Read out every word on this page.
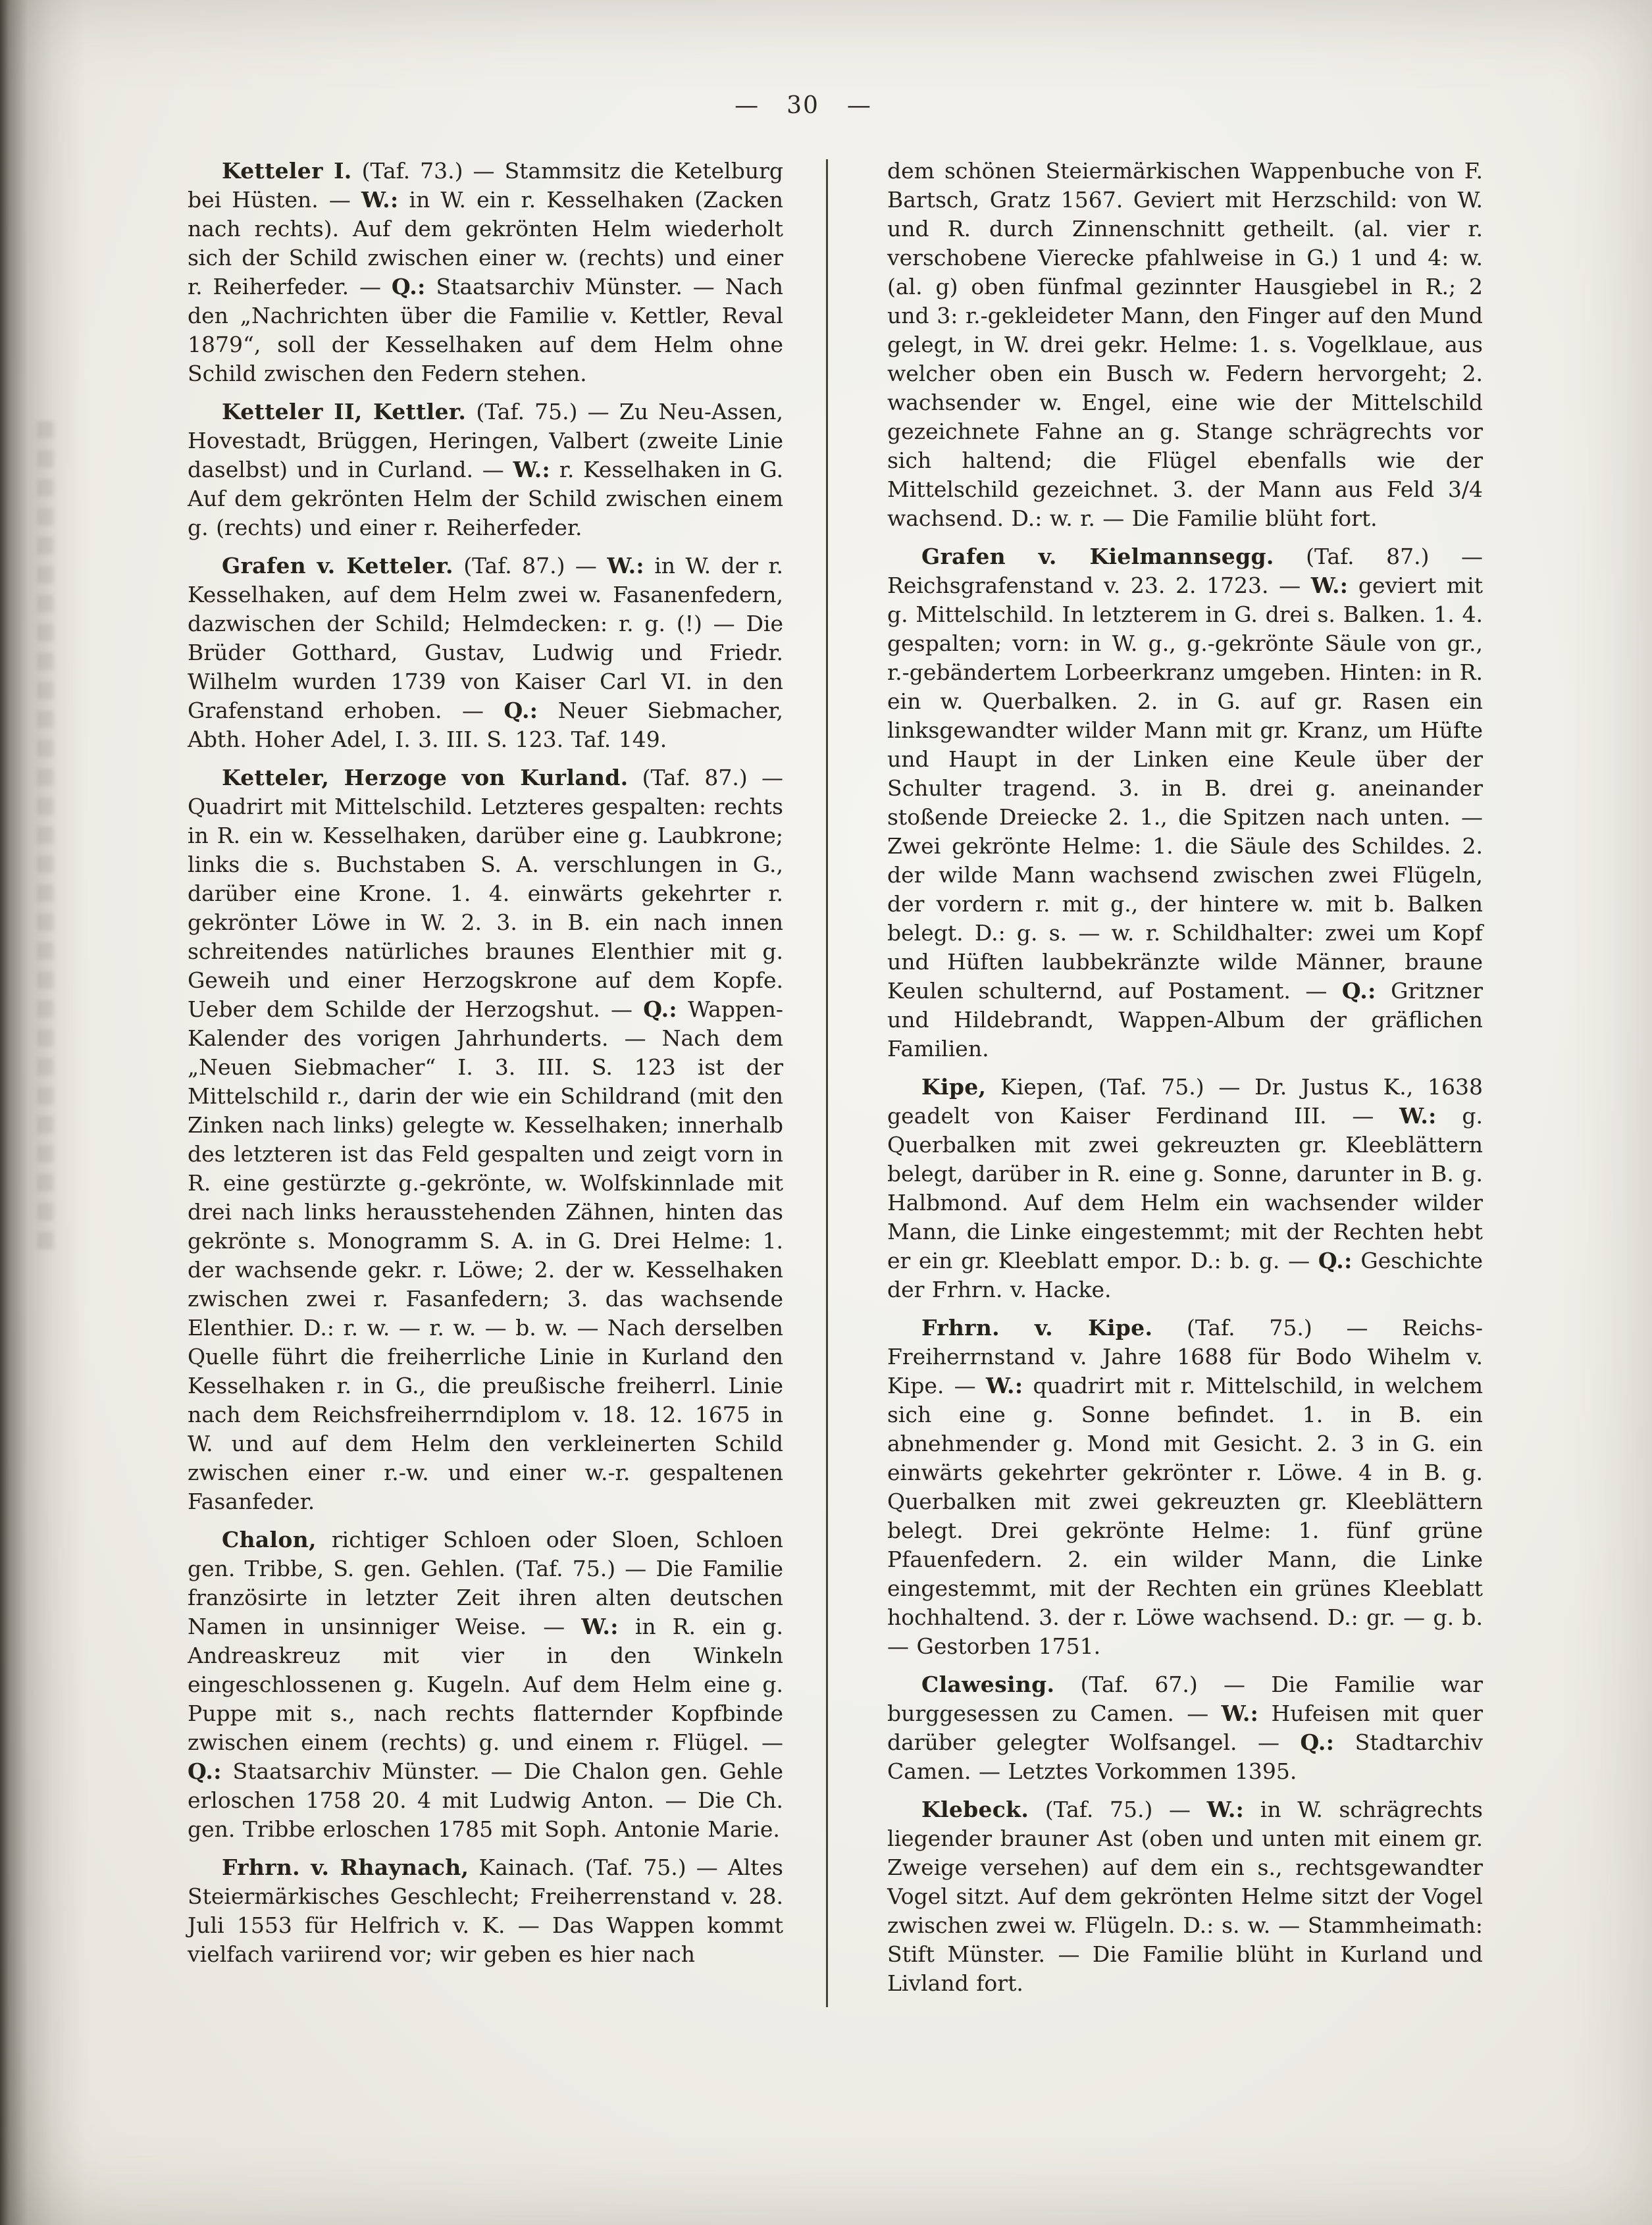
— 30 —

Ketteler I. (Taf. 73.) — Stammsitz die Ketelburg bei Hüsten. — W.: in W. ein r. Kesselhaken (Zacken nach rechts). Auf dem gekrönten Helm wiederholt sich der Schild zwischen einer w. (rechts) und einer r. Reiherfeder. — Q.: Staatsarchiv Münster. — Nach den „Nachrichten über die Familie v. Kettler, Reval 1879“, soll der Kesselhaken auf dem Helm ohne Schild zwischen den Federn stehen.

Ketteler II, Kettler. (Taf. 75.) — Zu Neu-Assen, Hovestadt, Brüggen, Heringen, Valbert (zweite Linie daselbst) und in Curland. — W.: r. Kesselhaken in G. Auf dem gekrönten Helm der Schild zwischen einem g. (rechts) und einer r. Reiherfeder.

Grafen v. Ketteler. (Taf. 87.) — W.: in W. der r. Kesselhaken, auf dem Helm zwei w. Fasanenfedern, dazwischen der Schild; Helmdecken: r. g. (!) — Die Brüder Gotthard, Gustav, Ludwig und Friedr. Wilhelm wurden 1739 von Kaiser Carl VI. in den Grafenstand erhoben. — Q.: Neuer Siebmacher, Abth. Hoher Adel, I. 3. III. S. 123. Taf. 149.

Ketteler, Herzoge von Kurland. (Taf. 87.) — Quadrirt mit Mittelschild. Letzteres gespalten: rechts in R. ein w. Kesselhaken, darüber eine g. Laubkrone; links die s. Buchstaben S. A. verschlungen in G., darüber eine Krone. 1. 4. einwärts gekehrter r. gekrönter Löwe in W. 2. 3. in B. ein nach innen schreitendes natürliches braunes Elenthier mit g. Geweih und einer Herzogskrone auf dem Kopfe. Ueber dem Schilde der Herzogshut. — Q.: Wappen-Kalender des vorigen Jahrhunderts. — Nach dem „Neuen Siebmacher“ I. 3. III. S. 123 ist der Mittelschild r., darin der wie ein Schildrand (mit den Zinken nach links) gelegte w. Kesselhaken; innerhalb des letzteren ist das Feld gespalten und zeigt vorn in R. eine gestürzte g.-gekrönte, w. Wolfskinnlade mit drei nach links herausstehenden Zähnen, hinten das gekrönte s. Monogramm S. A. in G. Drei Helme: 1. der wachsende gekr. r. Löwe; 2. der w. Kesselhaken zwischen zwei r. Fasanfedern; 3. das wachsende Elenthier. D.: r. w. — r. w. — b. w. — Nach derselben Quelle führt die freiherrliche Linie in Kurland den Kesselhaken r. in G., die preußische freiherrl. Linie nach dem Reichsfreiherrndiplom v. 18. 12. 1675 in W. und auf dem Helm den verkleinerten Schild zwischen einer r.-w. und einer w.-r. gespaltenen Fasanfeder.

Chalon, richtiger Schloen oder Sloen, Schloen gen. Tribbe, S. gen. Gehlen. (Taf. 75.) — Die Familie französirte in letzter Zeit ihren alten deutschen Namen in unsinniger Weise. — W.: in R. ein g. Andreaskreuz mit vier in den Winkeln eingeschlossenen g. Kugeln. Auf dem Helm eine g. Puppe mit s., nach rechts flatternder Kopfbinde zwischen einem (rechts) g. und einem r. Flügel. — Q.: Staatsarchiv Münster. — Die Chalon gen. Gehle erloschen 1758 20. 4 mit Ludwig Anton. — Die Ch. gen. Tribbe erloschen 1785 mit Soph. Antonie Marie.

Frhrn. v. Rhaynach, Kainach. (Taf. 75.) — Altes Steiermärkisches Geschlecht; Freiherrenstand v. 28. Juli 1553 für Helfrich v. K. — Das Wappen kommt vielfach variirend vor; wir geben es hier nach

dem schönen Steiermärkischen Wappenbuche von F. Bartsch, Gratz 1567. Geviert mit Herzschild: von W. und R. durch Zinnenschnitt getheilt. (al. vier r. verschobene Vierecke pfahlweise in G.) 1 und 4: w. (al. g) oben fünfmal gezinnter Hausgiebel in R.; 2 und 3: r.-gekleideter Mann, den Finger auf den Mund gelegt, in W. drei gekr. Helme: 1. s. Vogelklaue, aus welcher oben ein Busch w. Federn hervorgeht; 2. wachsender w. Engel, eine wie der Mittelschild gezeichnete Fahne an g. Stange schrägrechts vor sich haltend; die Flügel ebenfalls wie der Mittelschild gezeichnet. 3. der Mann aus Feld 3/4 wachsend. D.: w. r. — Die Familie blüht fort.

Grafen v. Kielmannsegg. (Taf. 87.) — Reichsgrafenstand v. 23. 2. 1723. — W.: geviert mit g. Mittelschild. In letzterem in G. drei s. Balken. 1. 4. gespalten; vorn: in W. g., g.-gekrönte Säule von gr., r.-gebändertem Lorbeerkranz umgeben. Hinten: in R. ein w. Querbalken. 2. in G. auf gr. Rasen ein linksgewandter wilder Mann mit gr. Kranz, um Hüfte und Haupt in der Linken eine Keule über der Schulter tragend. 3. in B. drei g. aneinander stoßende Dreiecke 2. 1., die Spitzen nach unten. — Zwei gekrönte Helme: 1. die Säule des Schildes. 2. der wilde Mann wachsend zwischen zwei Flügeln, der vordern r. mit g., der hintere w. mit b. Balken belegt. D.: g. s. — w. r. Schildhalter: zwei um Kopf und Hüften laubbekränzte wilde Männer, braune Keulen schulternd, auf Postament. — Q.: Gritzner und Hildebrandt, Wappen-Album der gräflichen Familien.

Kipe, Kiepen, (Taf. 75.) — Dr. Justus K., 1638 geadelt von Kaiser Ferdinand III. — W.: g. Querbalken mit zwei gekreuzten gr. Kleeblättern belegt, darüber in R. eine g. Sonne, darunter in B. g. Halbmond. Auf dem Helm ein wachsender wilder Mann, die Linke eingestemmt; mit der Rechten hebt er ein gr. Kleeblatt empor. D.: b. g. — Q.: Geschichte der Frhrn. v. Hacke.

Frhrn. v. Kipe. (Taf. 75.) — Reichs-Freiherrnstand v. Jahre 1688 für Bodo Wihelm v. Kipe. — W.: quadrirt mit r. Mittelschild, in welchem sich eine g. Sonne befindet. 1. in B. ein abnehmender g. Mond mit Gesicht. 2. 3 in G. ein einwärts gekehrter gekrönter r. Löwe. 4 in B. g. Querbalken mit zwei gekreuzten gr. Kleeblättern belegt. Drei gekrönte Helme: 1. fünf grüne Pfauenfedern. 2. ein wilder Mann, die Linke eingestemmt, mit der Rechten ein grünes Kleeblatt hochhaltend. 3. der r. Löwe wachsend. D.: gr. — g. b. — Gestorben 1751.

Clawesing. (Taf. 67.) — Die Familie war burggesessen zu Camen. — W.: Hufeisen mit quer darüber gelegter Wolfsangel. — Q.: Stadtarchiv Camen. — Letztes Vorkommen 1395.

Klebeck. (Taf. 75.) — W.: in W. schrägrechts liegender brauner Ast (oben und unten mit einem gr. Zweige versehen) auf dem ein s., rechtsgewandter Vogel sitzt. Auf dem gekrönten Helme sitzt der Vogel zwischen zwei w. Flügeln. D.: s. w. — Stammheimath: Stift Münster. — Die Familie blüht in Kurland und Livland fort.
